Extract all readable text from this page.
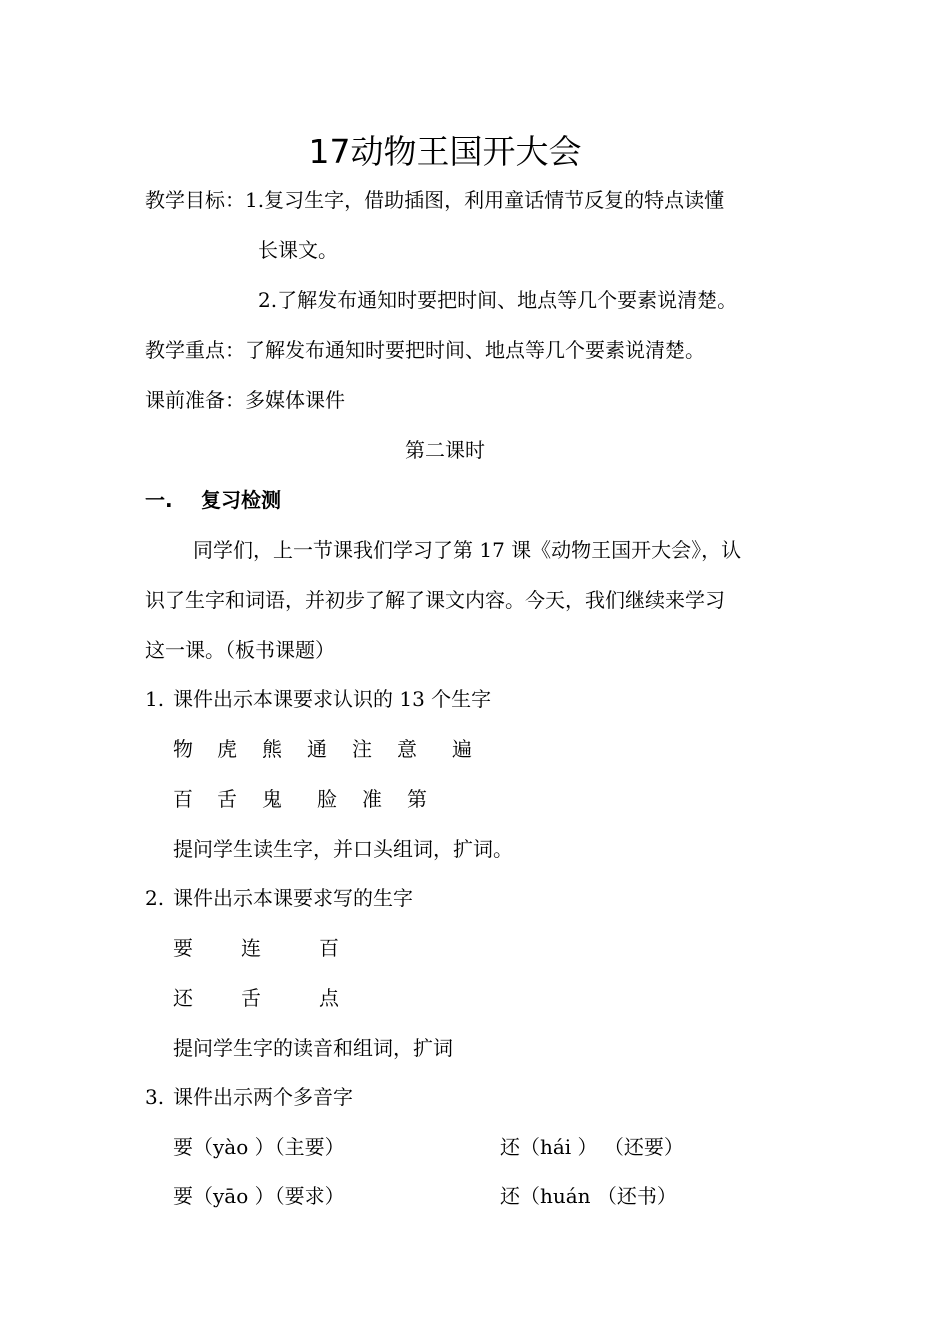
17动物王国开大会
教学目标：1.复习生字，借助插图，利用童话情节反复的特点读懂
长课文。
2.了解发布通知时要把时间、地点等几个要素说清楚。
教学重点：了解发布通知时要把时间、地点等几个要素说清楚。
课前准备：多媒体课件
第二课时
一. 复习检测
同学们，上一节课我们学习了第 17 课《动物王国开大会》，认
识了生字和词语，并初步了解了课文内容。今天，我们继续来学习
这一课。（板书课题）
1. 课件出示本课要求认识的 13 个生字
物 虎 熊 通 注 意 遍
百 舌 鬼 脸 准 第
提问学生读生字，并口头组词，扩词。
2. 课件出示本课要求写的生字
要 连	百
还 舌	点
提问学生字的读音和组词，扩词
3. 课件出示两个多音字
要（yào ）（主要）	还（hái ） （还要）
要（yāo ）（要求）	还（huán （还书）
